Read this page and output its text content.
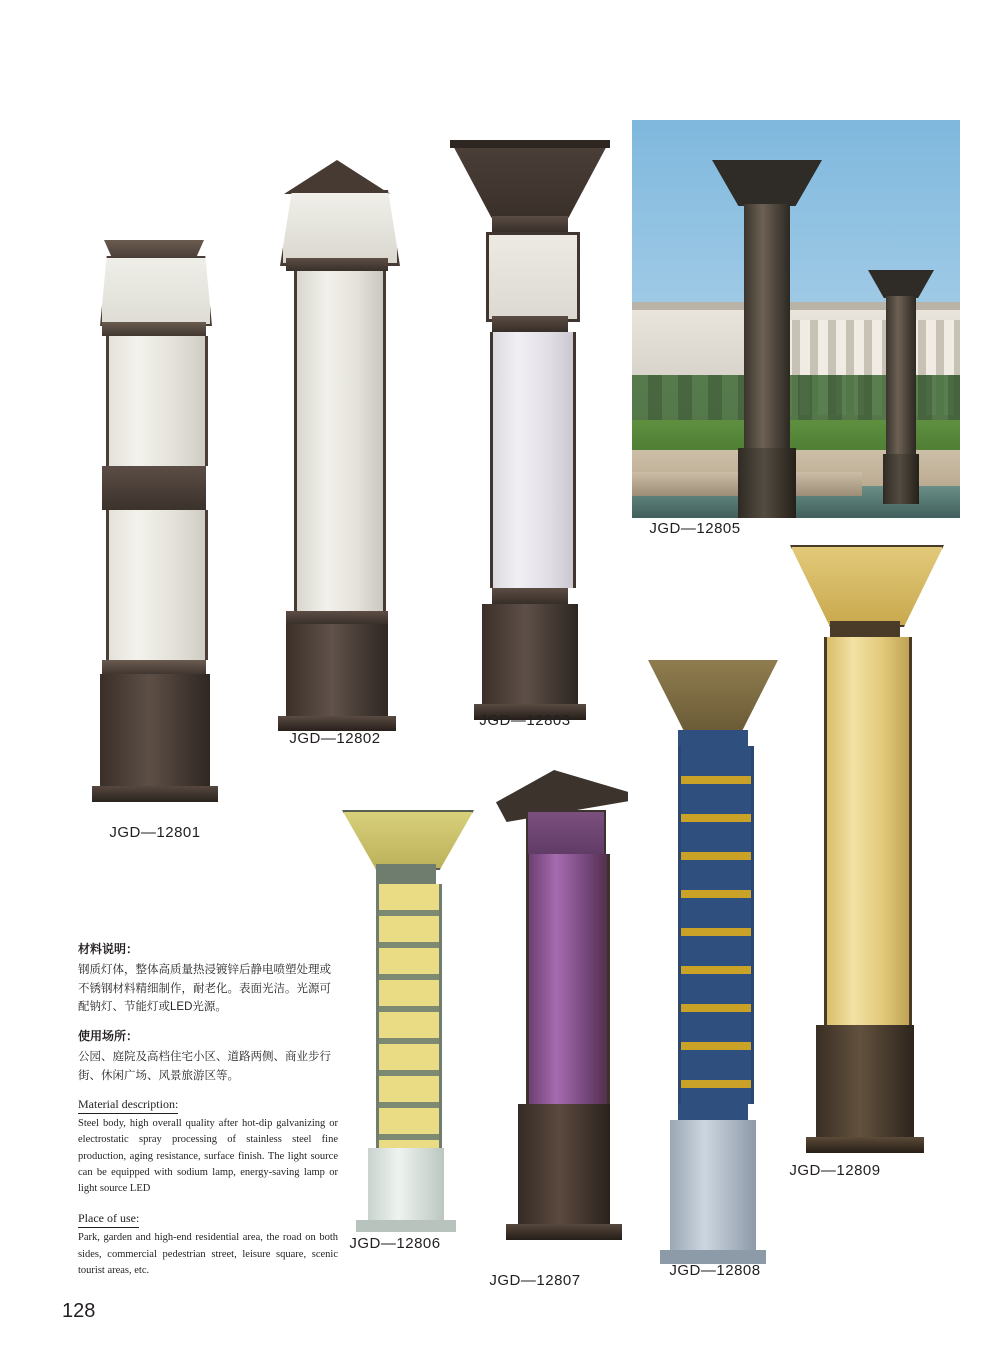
JGD—12801
JGD—12802
JGD—12803
JGD—12805
JGD—12806
JGD—12807
JGD—12808
JGD—12809

材料说明：

钢质灯体，整体高质量热浸镀锌后静电喷塑处理或不锈钢材料精细制作，耐老化。表面光洁。光源可配钠灯、节能灯或LED光源。

使用场所：

公园、庭院及高档住宅小区、道路两侧、商业步行街、休闲广场、风景旅游区等。

Material description:

Steel body, high overall quality after hot-dip galvanizing or electrostatic spray processing of stainless steel fine production, aging resistance, surface finish. The light source can be equipped with sodium lamp, energy-saving lamp or light source LED

Place of use:

Park, garden and high-end residential area, the road on both sides, commercial pedestrian street, leisure square, scenic tourist areas, etc.

128
